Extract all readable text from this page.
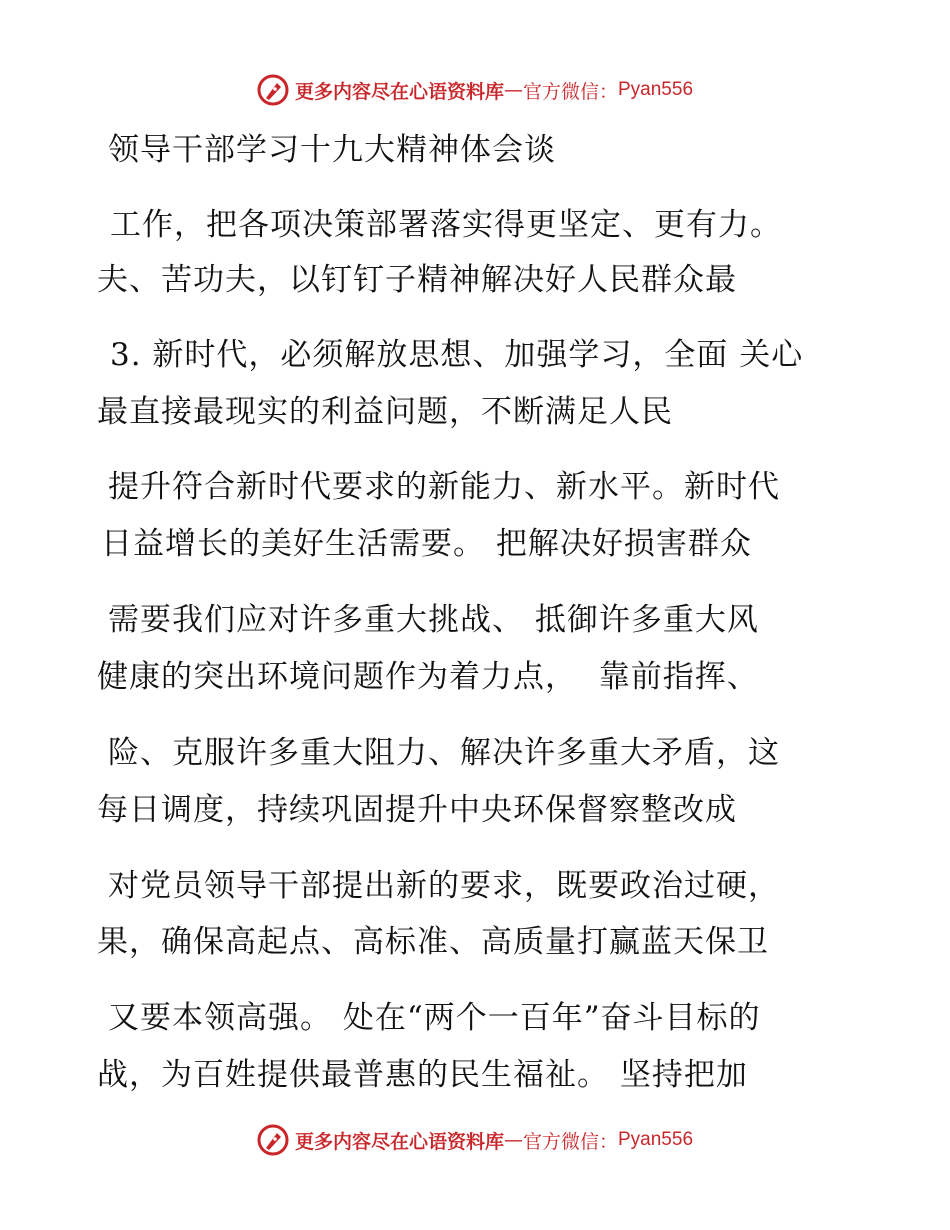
更多内容尽在心语资料库 — 官方微信： Pyan556
领导干部学习十九大精神体会谈
工作，把各项决策部署落实得更坚定、更有力。
夫、苦功夫，以钉钉子精神解决好人民群众最
3. 新时代，必须解放思想、加强学习，全面 关心
最直接最现实的利益问题，不断满足人民
提升符合新时代要求的新能力、新水平。新时代
日益增长的美好生活需要。 把解决好损害群众
需要我们应对许多重大挑战、 抵御许多重大风
健康的突出环境问题作为着力点，  靠前指挥、
险、克服许多重大阻力、解决许多重大矛盾，这
每日调度，持续巩固提升中央环保督察整改成
对党员领导干部提出新的要求，既要政治过硬，
果，确保高起点、高标准、高质量打赢蓝天保卫
又要本领高强。 处在“两个一百年”奋斗目标的
战，为百姓提供最普惠的民生福祉。 坚持把加
更多内容尽在心语资料库 — 官方微信： Pyan556
